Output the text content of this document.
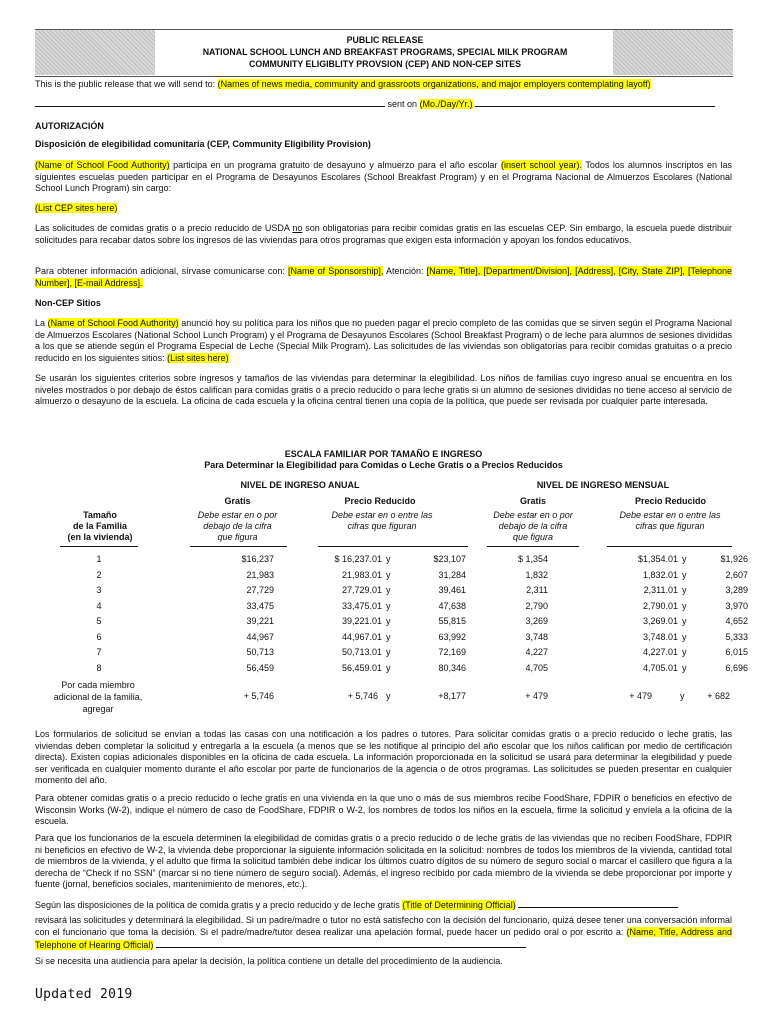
PUBLIC RELEASE
NATIONAL SCHOOL LUNCH AND BREAKFAST PROGRAMS, SPECIAL MILK PROGRAM
COMMUNITY ELIGIBLITY PROVSION (CEP) AND NON-CEP SITES

This is the public release that we will send to: (Names of news media, community and grassroots organizations, and major employers contemplating layoff)

sent on (Mo./Day/Yr.)

AUTORIZACIÓN

Disposición de elegibilidad comunitaria (CEP, Community Eligibility Provision)

(Name of School Food Authority) participa en un programa gratuito de desayuno y almuerzo para el año escolar (insert school year). Todos los alumnos inscriptos en las siguientes escuelas pueden participar en el Programa de Desayunos Escolares (School Breakfast Program) y en el Programa Nacional de Almuerzos Escolares (National School Lunch Program) sin cargo:

(List CEP sites here)

Las solicitudes de comidas gratis o a precio reducido de USDA no son obligatorias para recibir comidas gratis en las escuelas CEP. Sin embargo, la escuela puede distribuir solicitudes para recabar datos sobre los ingresos de las viviendas para otros programas que exigen esta información y apoyan los fondos educativos.

Para obtener información adicional, sírvase comunicarse con: [Name of Sponsorship], Atención: [Name, Title], [Department/Division], [Address], [City, State ZIP], [Telephone Number], [E-mail Address].

Non-CEP Sitios

La (Name of School Food Authority) anunció hoy su política para los niños que no pueden pagar el precio completo de las comidas que se sirven según el Programa Nacional de Almuerzos Escolares (National School Lunch Program) y el Programa de Desayunos Escolares (School Breakfast Program) o de leche para alumnos de sesiones divididas a los que se atiende según el Programa Especial de Leche (Special Milk Program). Las solicitudes de las viviendas son obligatorias para recibir comidas gratuitas o a precio reducido en los siguientes sitios: (List sites here)

Se usarán los siguientes criterios sobre ingresos y tamaños de las viviendas para determinar la elegibilidad. Los niños de familias cuyo ingreso anual se encuentra en los niveles mostrados o por debajo de éstos califican para comidas gratis o a precio reducido o para leche gratis si un alumno de sesiones divididas no tiene acceso al servicio de almuerzo o desayuno de la escuela. La oficina de cada escuela y la oficina central tienen una copia de la política, que puede ser revisada por cualquier parte interesada.

ESCALA FAMILIAR POR TAMAÑO E INGRESO
Para Determinar la Elegibilidad para Comidas o Leche Gratis o a Precios Reducidos
NIVEL DE INGRESO ANUAL	NIVEL DE INGRESO MENSUAL
Gratis	Precio Reducido	Gratis	Precio Reducido
Tamaño
de la Familia
(en la vivienda)
Debe estar en o por
debajo de la cifra
que figura
Debe estar en o entre las
cifras que figuran
Debe estar en o por
debajo de la cifra
que figura
Debe estar en o entre las
cifras que figuran
1	$16,237	$ 16,237.01 y	$23,107	$ 1,354	$1,354.01 y	$1,926
2	21,983	21,983.01 y	31,284	1,832	1,832.01 y	2,607
3	27,729	27,729.01 y	39,461	2,311	2,311.01 y	3,289
4	33,475	33,475.01 y	47,638	2,790	2,790.01 y	3,970
5	39,221	39,221.01 y	55,815	3,269	3,269.01 y	4,652
6	44,967	44,967.01 y	63,992	3,748	3,748.01 y	5,333
7	50,713	50,713.01 y	72,169	4,227	4,227.01 y	6,015
8	56,459	56,459.01 y	80,346	4,705	4,705.01 y	6,696
Por cada miembro
adicional de la familia,
agregar
+ 5,746	+ 5,746 y	+8,177	+ 479	+ 479	y	+ 682

Los formularios de solicitud se envían a todas las casas con una notificación a los padres o tutores. Para solicitar comidas gratis o a precio reducido o leche gratis, las viviendas deben completar la solicitud y entregarla a la escuela (a menos que se les notifique al principio del año escolar que los niños califican por medio de certificación directa). Existen copias adicionales disponibles en la oficina de cada escuela. La información proporcionada en la solicitud se usará para determinar la elegibilidad y puede ser verificada en cualquier momento durante el año escolar por parte de funcionarios de la agencia o de otros programas. Las solicitudes se pueden presentar en cualquier momento del año.

Para obtener comidas gratis o a precio reducido o leche gratis en una vivienda en la que uno o más de sus miembros recibe FoodShare, FDPIR o beneficios en efectivo de Wisconsin Works (W-2), indique el número de caso de FoodShare, FDPIR o W-2, los nombres de todos los niños en la escuela, firme la solicitud y envíela a la oficina de la escuela.

Para que los funcionarios de la escuela determinen la elegibilidad de comidas gratis o a precio reducido o de leche gratis de las viviendas que no reciben FoodShare, FDPIR ni beneficios en efectivo de W-2, la vivienda debe proporcionar la siguiente información solicitada en la solicitud: nombres de todos los miembros de la vivienda, cantidad total de miembros de la vivienda, y el adulto que firma la solicitud también debe indicar los últimos cuatro dígitos de su número de seguro social o marcar el casillero que figura a la derecha de “Check if no SSN” (marcar si no tiene número de seguro social). Además, el ingreso recibido por cada miembro de la vivienda se debe proporcionar por importe y fuente (jornal, beneficios sociales, mantenimiento de menores, etc.).

Según las disposiciones de la política de comida gratis y a precio reducido y de leche gratis (Title of Determining Official)

revisará las solicitudes y determinará la elegibilidad. Si un padre/madre o tutor no está satisfecho con la decisión del funcionario, quizá desee tener una conversación informal con el funcionario que toma la decisión. Si el padre/madre/tutor desea realizar una apelación formal, puede hacer un pedido oral o por escrito a: (Name, Title, Address and Telephone of Hearing Official)

Si se necesita una audiencia para apelar la decisión, la política contiene un detalle del procedimiento de la audiencia.

Updated 2019
